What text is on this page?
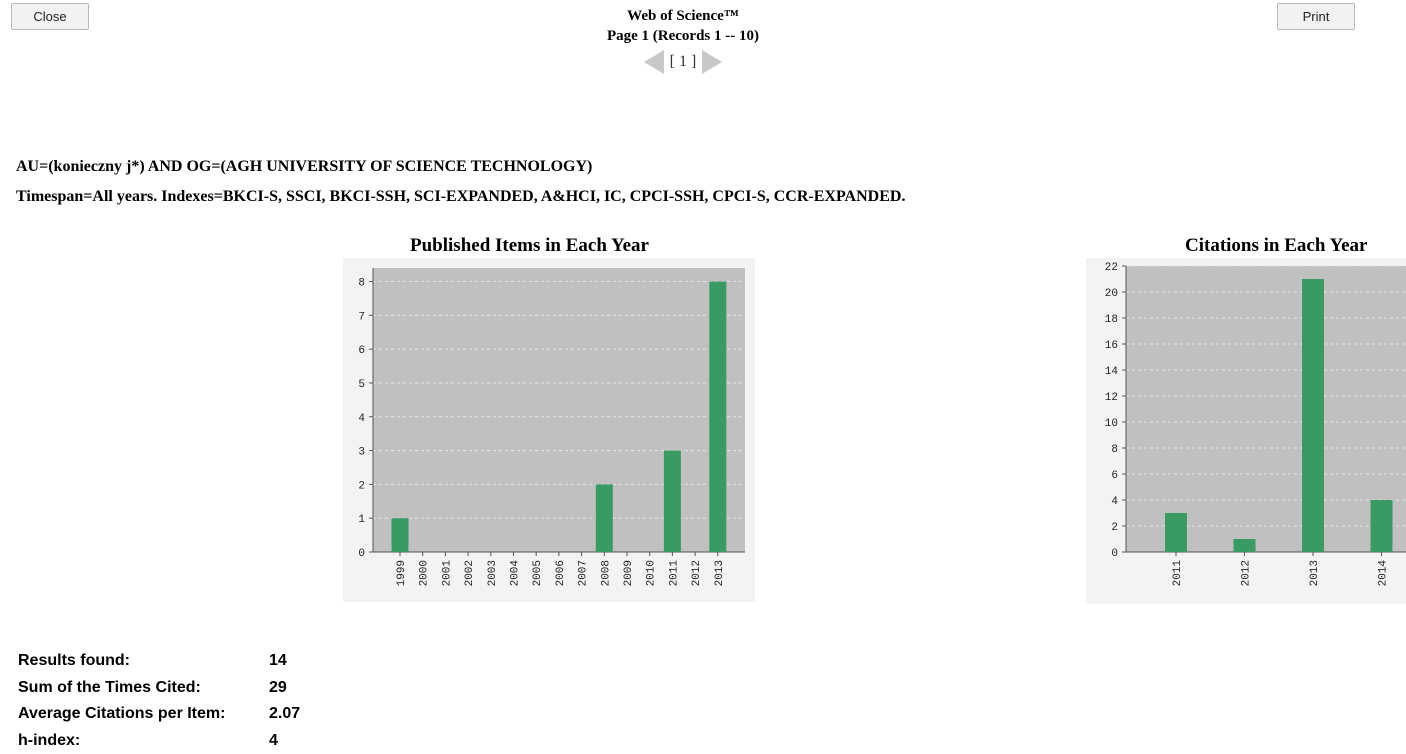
Close	Print
Web of Science™
Page 1 (Records 1 -- 10)
[ 1 ]
AU=(konieczny j*) AND OG=(AGH UNIVERSITY OF SCIENCE TECHNOLOGY)
Timespan=All years. Indexes=BKCI-S, SSCI, BKCI-SSH, SCI-EXPANDED, A&HCI, IC, CPCI-SSH, CPCI-S, CCR-EXPANDED.
Published Items in Each Year
0
1
2
3
4
5
6
7
8
1999 2000 2001 2002 2003 2004 2005 2006 2007 2008 2009 2010 2011 2012 2013
Citations in Each Year
0
2
4
6
8
10
12
14
16
18
20
22
2011	2012	2013	2014
Results found:	14
Sum of the Times Cited:	29
Average Citations per Item:	2.07
h-index:	4
